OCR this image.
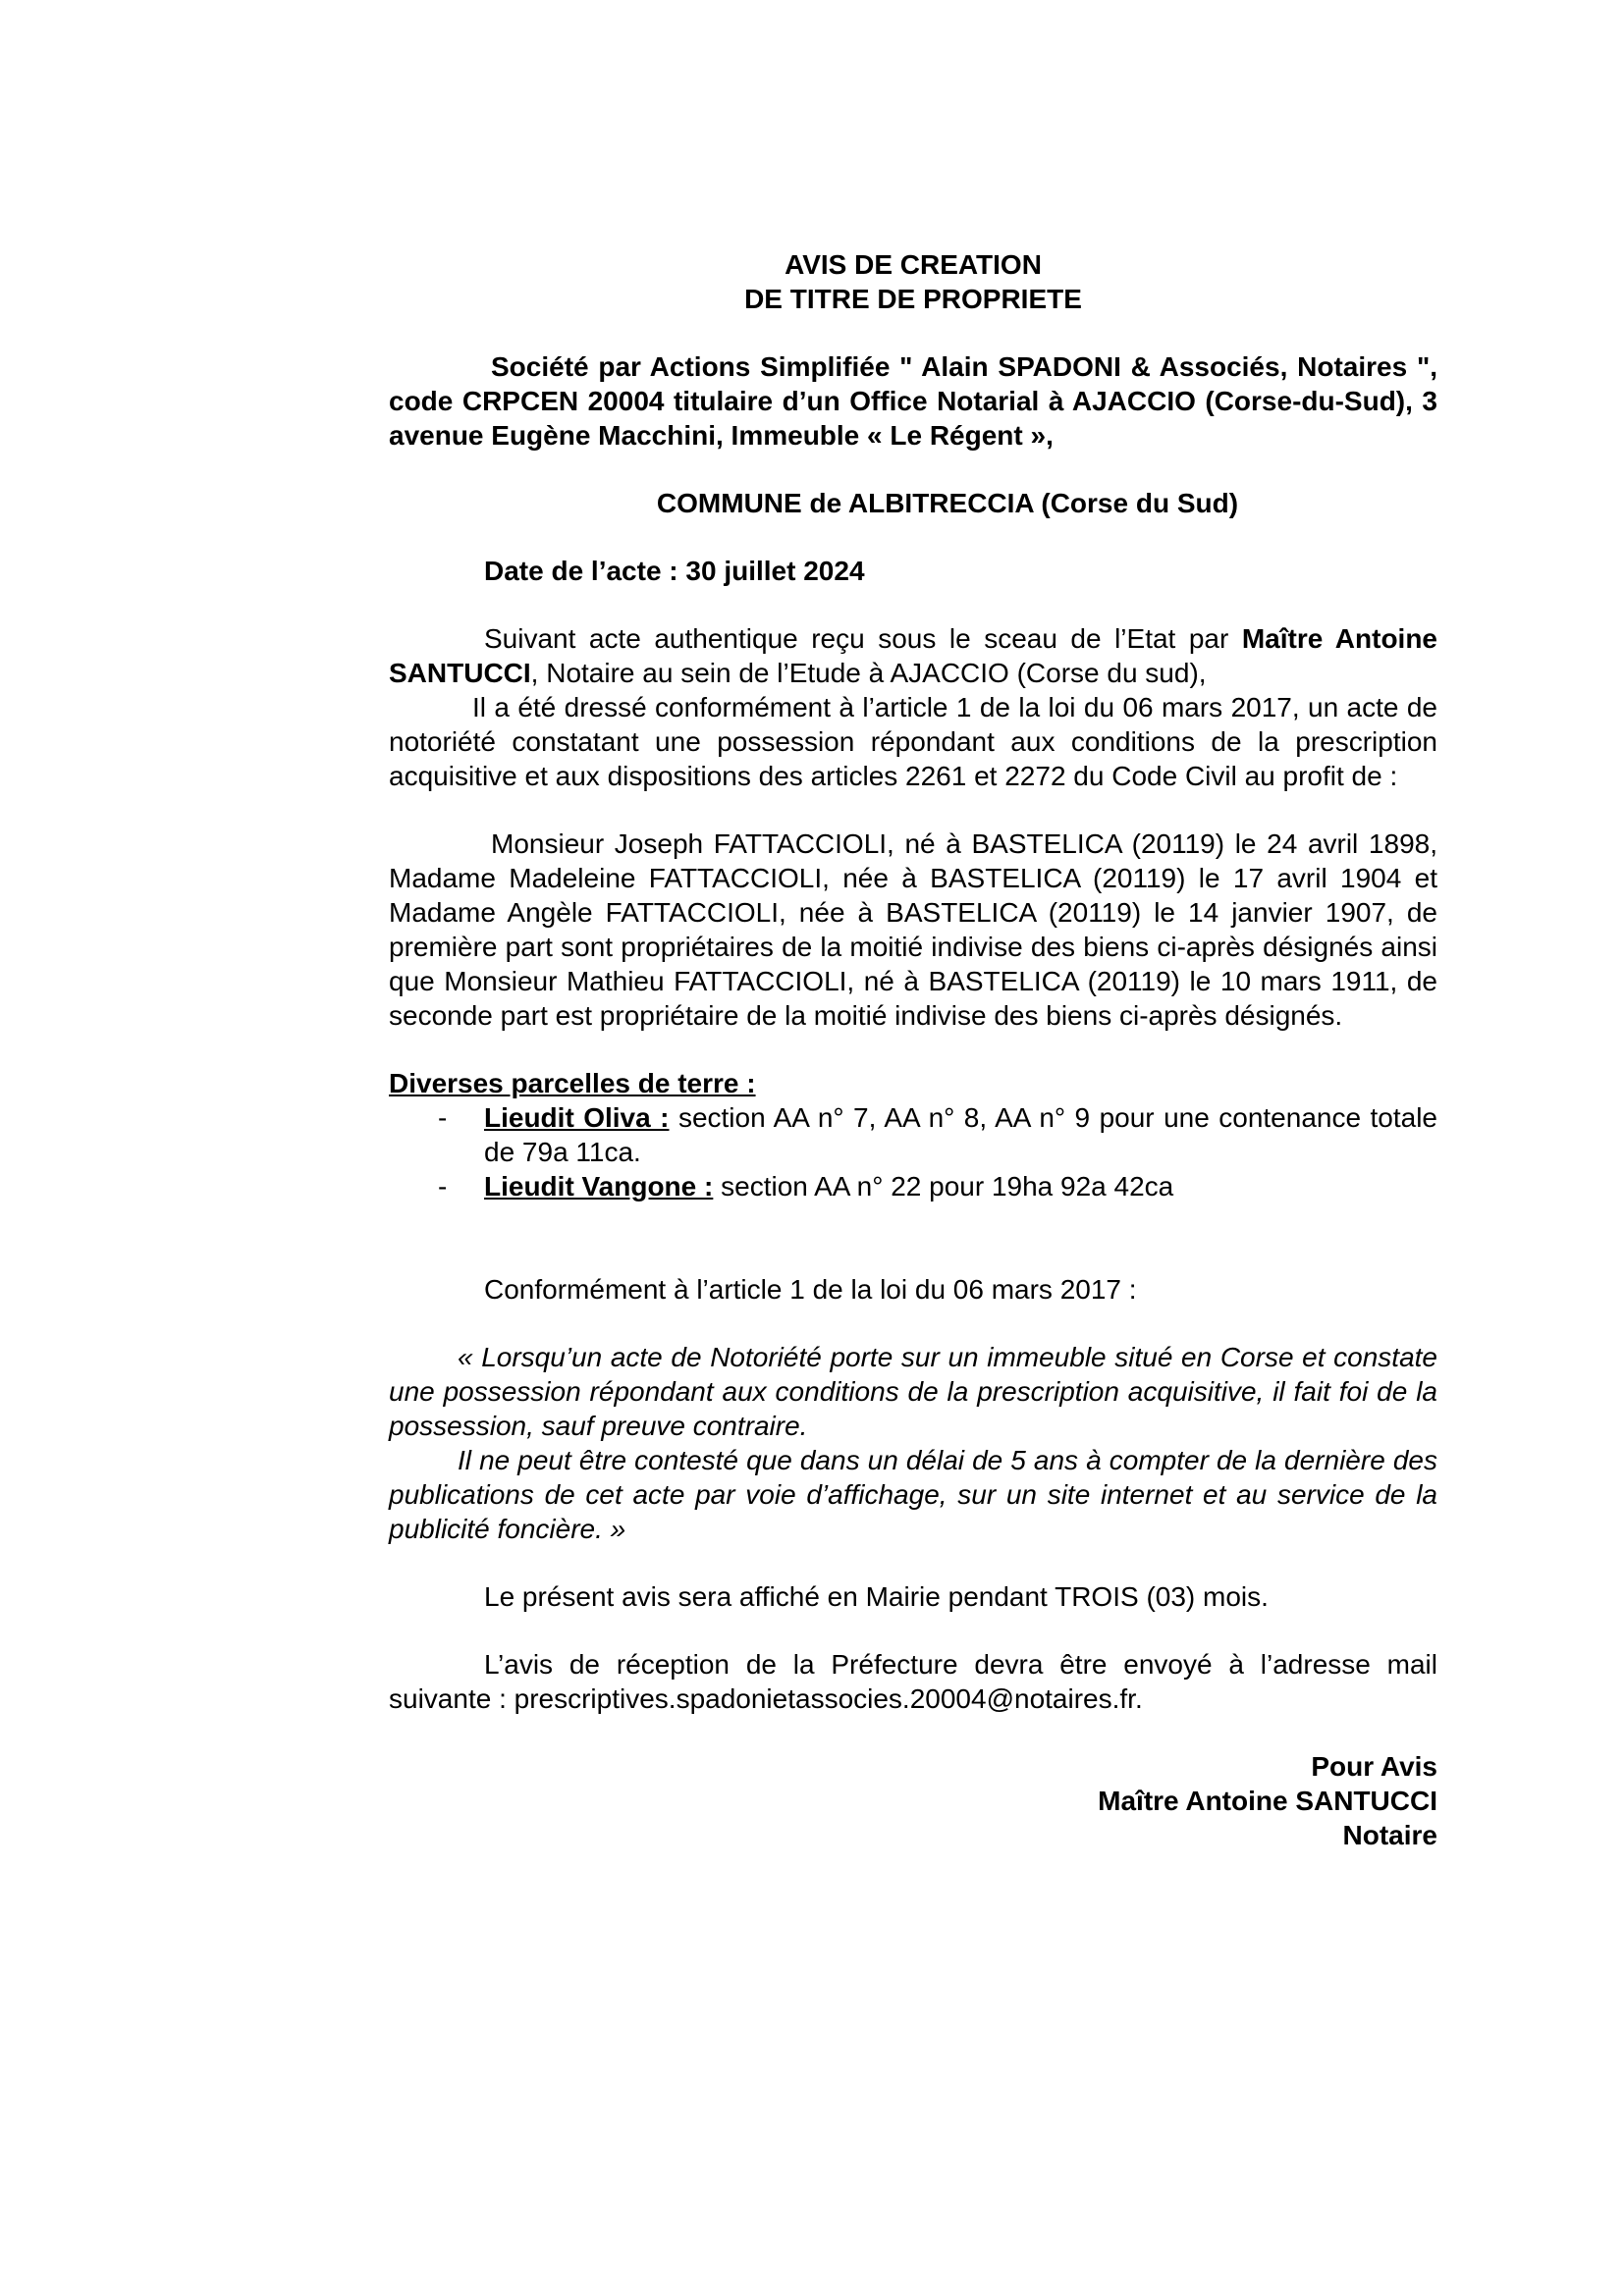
AVIS DE CREATION
DE TITRE DE PROPRIETE

Société par Actions Simplifiée " Alain SPADONI & Associés, Notaires ", code CRPCEN 20004 titulaire d’un Office Notarial à AJACCIO (Corse-du-Sud), 3 avenue Eugène Macchini, Immeuble « Le Régent »,

COMMUNE de ALBITRECCIA (Corse du Sud)

Date de l’acte : 30 juillet 2024

Suivant acte authentique reçu sous le sceau de l’Etat par Maître Antoine SANTUCCI, Notaire au sein de l’Etude à AJACCIO (Corse du sud),

Il a été dressé conformément à l’article 1 de la loi du 06 mars 2017, un acte de notoriété constatant une possession répondant aux conditions de la prescription acquisitive et aux dispositions des articles 2261 et 2272 du Code Civil au profit de :

Monsieur Joseph FATTACCIOLI, né à BASTELICA (20119) le 24 avril 1898, Madame Madeleine FATTACCIOLI, née à BASTELICA (20119) le 17 avril 1904 et Madame Angèle FATTACCIOLI, née à BASTELICA (20119) le 14 janvier 1907, de première part sont propriétaires de la moitié indivise des biens ci-après désignés ainsi que Monsieur Mathieu FATTACCIOLI, né à BASTELICA (20119) le 10 mars 1911, de seconde part est propriétaire de la moitié indivise des biens ci-après désignés.

Diverses parcelles de terre :

- Lieudit Oliva : section AA n° 7, AA n° 8, AA n° 9 pour une contenance totale de 79a 11ca.
- Lieudit Vangone : section AA n° 22 pour 19ha 92a 42ca

Conformément à l’article 1 de la loi du 06 mars 2017 :

« Lorsqu’un acte de Notoriété porte sur un immeuble situé en Corse et constate une possession répondant aux conditions de la prescription acquisitive, il fait foi de la possession, sauf preuve contraire.

Il ne peut être contesté que dans un délai de 5 ans à compter de la dernière des publications de cet acte par voie d’affichage, sur un site internet et au service de la publicité foncière. »

Le présent avis sera affiché en Mairie pendant TROIS (03) mois.

L’avis de réception de la Préfecture devra être envoyé à l’adresse mail suivante : prescriptives.spadonietassocies.20004@notaires.fr.

Pour Avis
Maître Antoine SANTUCCI
Notaire
